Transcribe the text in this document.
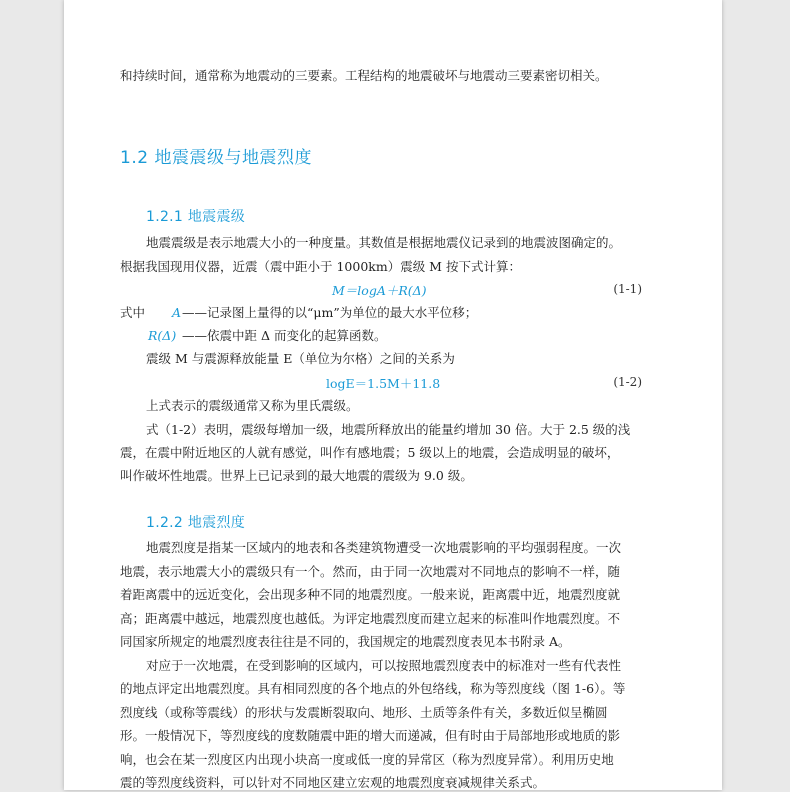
和持续时间，通常称为地震动的三要素。工程结构的地震破坏与地震动三要素密切相关。
1.2 地震震级与地震烈度
1.2.1 地震震级
地震震级是表示地震大小的一种度量。其数值是根据地震仪记录到的地震波图确定的。
根据我国现用仪器，近震（震中距小于 1000km）震级 M 按下式计算：
M＝logA＋R(Δ)	(1-1)
式中 A ——记录图上量得的以“μm”为单位的最大水平位移；
R(Δ) ——依震中距 Δ 而变化的起算函数。
震级 M 与震源释放能量 E（单位为尔格）之间的关系为
logE＝1.5M＋11.8	(1-2)
上式表示的震级通常又称为里氏震级。
式（1-2）表明，震级每增加一级，地震所释放出的能量约增加 30 倍。大于 2.5 级的浅
震，在震中附近地区的人就有感觉，叫作有感地震；5 级以上的地震，会造成明显的破坏，
叫作破坏性地震。世界上已记录到的最大地震的震级为 9.0 级。
1.2.2 地震烈度
地震烈度是指某一区域内的地表和各类建筑物遭受一次地震影响的平均强弱程度。一次
地震，表示地震大小的震级只有一个。然而，由于同一次地震对不同地点的影响不一样，随
着距离震中的远近变化，会出现多种不同的地震烈度。一般来说，距离震中近，地震烈度就
高；距离震中越远，地震烈度也越低。为评定地震烈度而建立起来的标准叫作地震烈度。不
同国家所规定的地震烈度表往往是不同的，我国规定的地震烈度表见本书附录 A。
对应于一次地震，在受到影响的区域内，可以按照地震烈度表中的标准对一些有代表性
的地点评定出地震烈度。具有相同烈度的各个地点的外包络线，称为等烈度线（图 1-6）。等
烈度线（或称等震线）的形状与发震断裂取向、地形、土质等条件有关，多数近似呈椭圆
形。一般情况下，等烈度线的度数随震中距的增大而递减，但有时由于局部地形或地质的影
响，也会在某一烈度区内出现小块高一度或低一度的异常区（称为烈度异常）。利用历史地
震的等烈度线资料，可以针对不同地区建立宏观的地震烈度衰减规律关系式。
